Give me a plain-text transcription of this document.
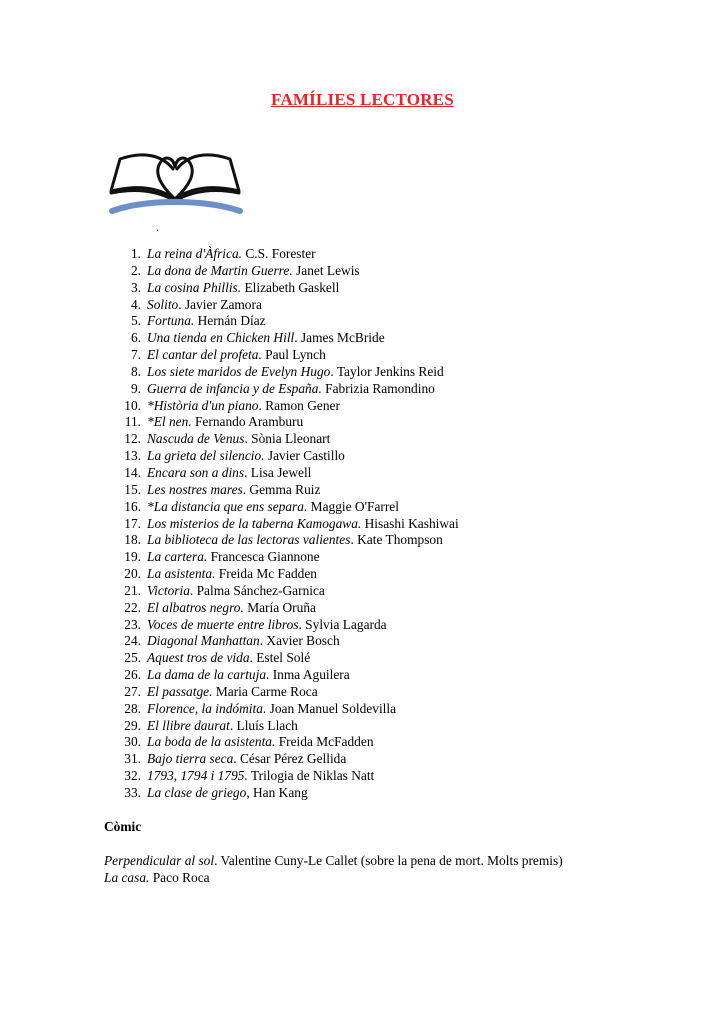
FAMÍLIES LECTORES
.
1. La reina d'Àfrica. C.S. Forester
2. La dona de Martin Guerre. Janet Lewis
3. La cosina Phillis. Elizabeth Gaskell
4. Solito. Javier Zamora
5. Fortuna. Hernán Díaz
6. Una tienda en Chicken Hill. James McBride
7. El cantar del profeta. Paul Lynch
8. Los siete maridos de Evelyn Hugo. Taylor Jenkins Reid
9. Guerra de infancia y de España. Fabrizia Ramondino
10. *Història d'un piano. Ramon Gener
11. *El nen. Fernando Aramburu
12. Nascuda de Venus. Sònia Lleonart
13. La grieta del silencio. Javier Castillo
14. Encara son a dins. Lisa Jewell
15. Les nostres mares. Gemma Ruiz
16. *La distancia que ens separa. Maggie O'Farrel
17. Los misterios de la taberna Kamogawa. Hisashi Kashiwai
18. La biblioteca de las lectoras valientes. Kate Thompson
19. La cartera. Francesca Giannone
20. La asistenta. Freida Mc Fadden
21. Victoria. Palma Sánchez-Garnica
22. El albatros negro. María Oruña
23. Voces de muerte entre libros. Sylvia Lagarda
24. Diagonal Manhattan. Xavier Bosch
25. Aquest tros de vida. Estel Solé
26. La dama de la cartuja. Inma Aguilera
27. El passatge. Maria Carme Roca
28. Florence, la indómita. Joan Manuel Soldevilla
29. El llibre daurat. Lluís Llach
30. La boda de la asistenta. Freida McFadden
31. Bajo tierra seca. César Pérez Gellida
32. 1793, 1794 i 1795. Trilogia de Niklas Natt
33. La clase de griego, Han Kang
Còmic
Perpendicular al sol. Valentine Cuny-Le Callet (sobre la pena de mort. Molts premis)
La casa. Paco Roca
